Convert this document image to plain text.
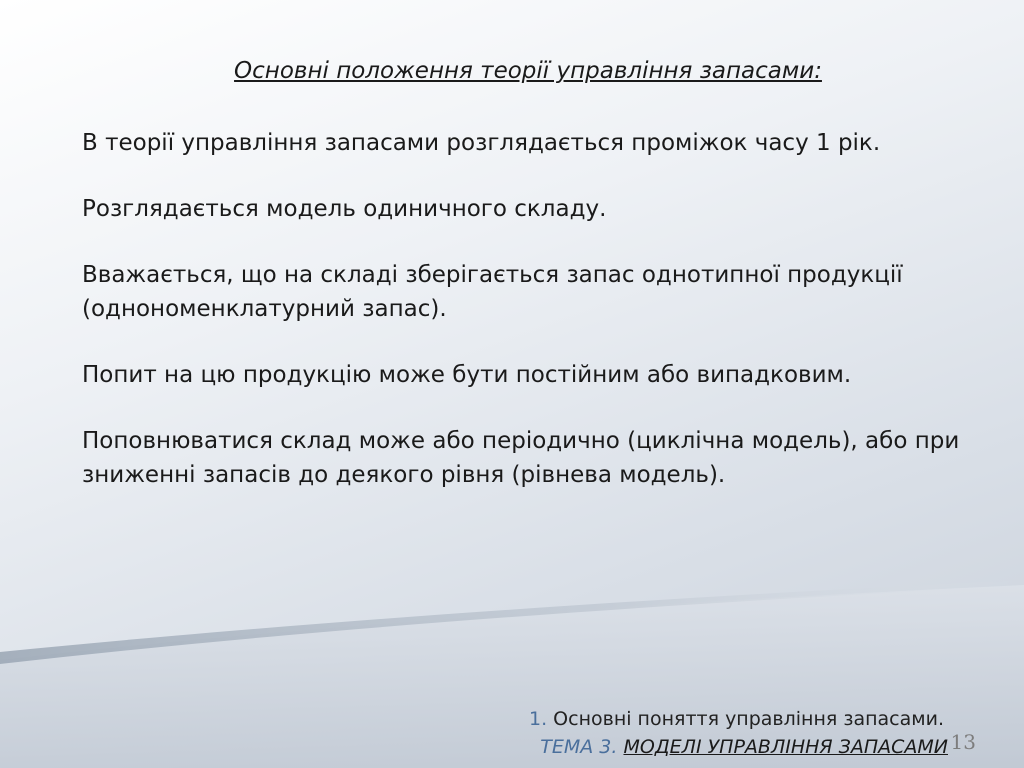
Основні положення теорії управління запасами:

В теорії управління запасами розглядається проміжок часу 1 рік.

Розглядається модель одиничного складу.

Вважається, що на складі зберігається запас однотипної продукції (однономенклатурний запас).

Попит на цю продукцію може бути постійним або випадковим.

Поповнюватися склад може або періодично (циклічна модель), або при зниженні запасів до деякого рівня (рівнева модель).

1. Основні поняття управління запасами.

ТЕМА 3. МОДЕЛІ УПРАВЛІННЯ ЗАПАСАМИ 13
